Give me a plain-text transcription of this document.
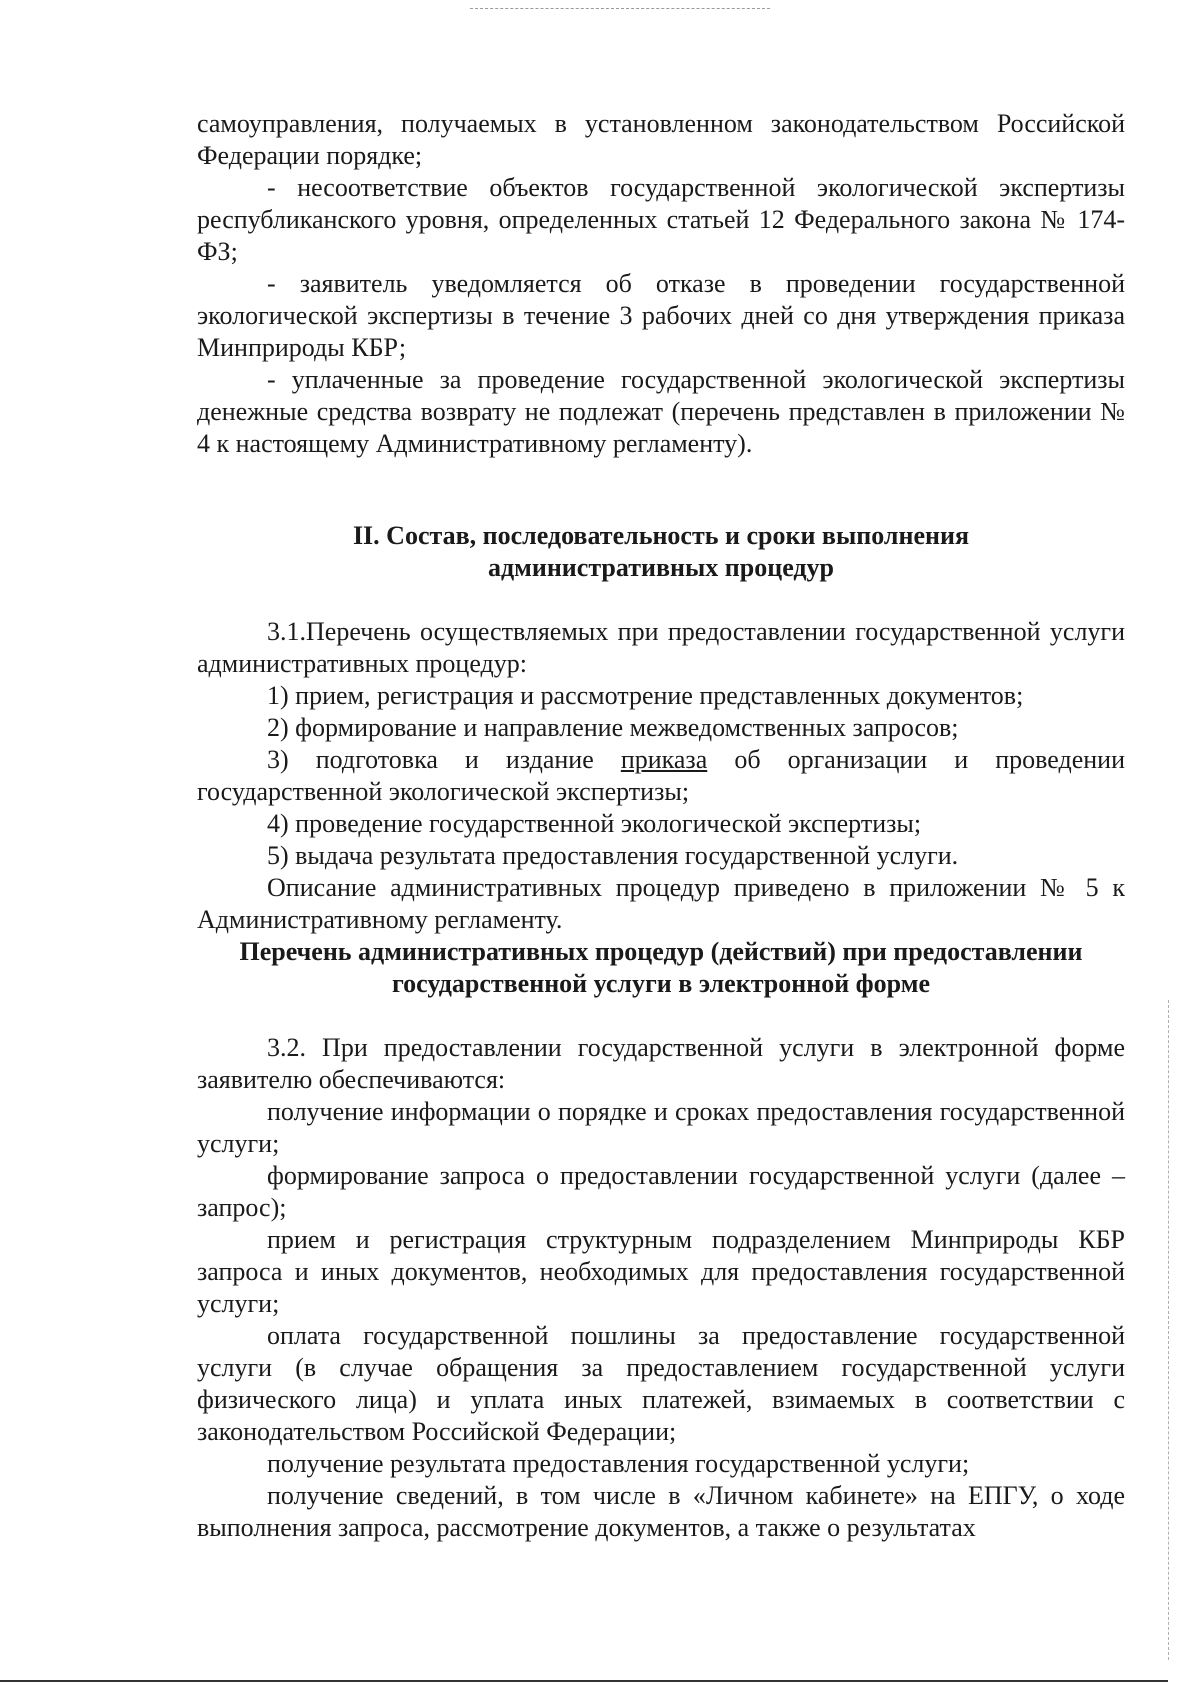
самоуправления, получаемых в установленном законодательством Российской Федерации порядке;

- несоответствие объектов государственной экологической экспертизы республиканского уровня, определенных статьей 12 Федерального закона № 174-ФЗ;

- заявитель уведомляется об отказе в проведении государственной экологической экспертизы в течение 3 рабочих дней со дня утверждения приказа Минприроды КБР;

- уплаченные за проведение государственной экологической экспертизы денежные средства возврату не подлежат (перечень представлен в приложении № 4 к настоящему Административному регламенту).

II. Состав, последовательность и сроки выполнения
административных процедур

3.1.Перечень осуществляемых при предоставлении государственной услуги административных процедур:

1) прием, регистрация и рассмотрение представленных документов;

2) формирование и направление межведомственных запросов;

3) подготовка и издание приказа об организации и проведении государственной экологической экспертизы;

4) проведение государственной экологической экспертизы;

5) выдача результата предоставления государственной услуги.

Описание административных процедур приведено в приложении № 5 к Административному регламенту.

Перечень административных процедур (действий) при предоставлении
государственной услуги в электронной форме

3.2. При предоставлении государственной услуги в электронной форме заявителю обеспечиваются:

получение информации о порядке и сроках предоставления государственной услуги;

формирование запроса о предоставлении государственной услуги (далее – запрос);

прием и регистрация структурным подразделением Минприроды КБР запроса и иных документов, необходимых для предоставления государственной услуги;

оплата государственной пошлины за предоставление государственной услуги (в случае обращения за предоставлением государственной услуги физического лица) и уплата иных платежей, взимаемых в соответствии с законодательством Российской Федерации;

получение результата предоставления государственной услуги;

получение сведений, в том числе в «Личном кабинете» на ЕПГУ, о ходе выполнения запроса, рассмотрение документов, а также о результатах
